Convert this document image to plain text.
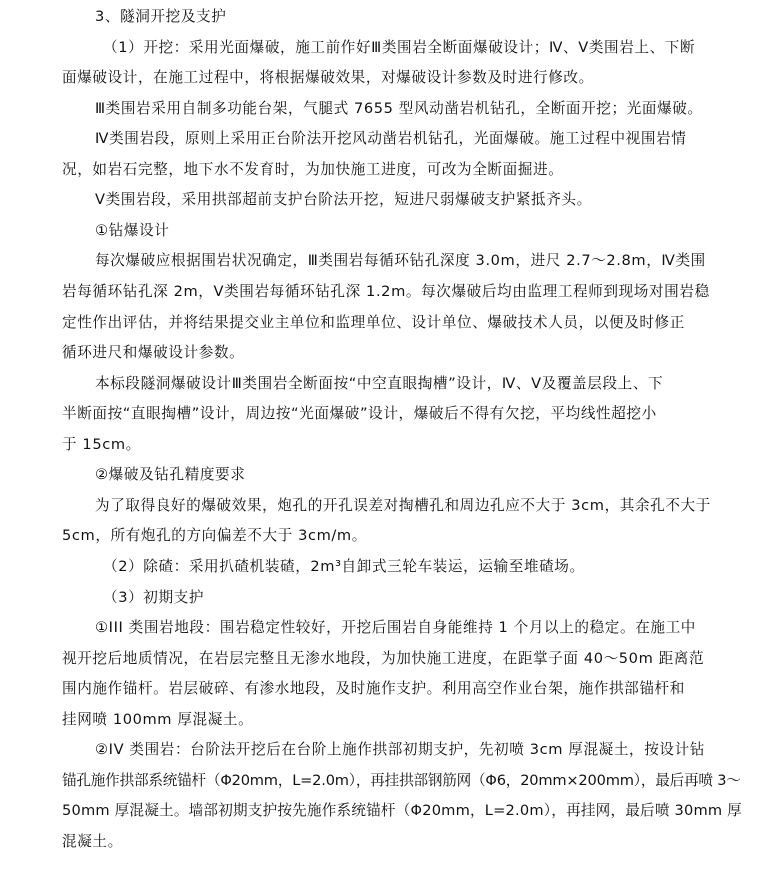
3、隧洞开挖及支护
（1）开挖：采用光面爆破，施工前作好Ⅲ类围岩全断面爆破设计；Ⅳ、Ⅴ类围岩上、下断
面爆破设计，在施工过程中，将根据爆破效果，对爆破设计参数及时进行修改。
Ⅲ类围岩采用自制多功能台架，气腿式 7655 型风动凿岩机钻孔，全断面开挖；光面爆破。
Ⅳ类围岩段，原则上采用正台阶法开挖风动凿岩机钻孔，光面爆破。施工过程中视围岩情
况，如岩石完整，地下水不发育时，为加快施工进度，可改为全断面掘进。
Ⅴ类围岩段，采用拱部超前支护台阶法开挖，短进尺弱爆破支护紧抵齐头。
①钻爆设计
每次爆破应根据围岩状况确定，Ⅲ类围岩每循环钻孔深度 3.0m，进尺 2.7～2.8m，Ⅳ类围
岩每循环钻孔深 2m，Ⅴ类围岩每循环钻孔深 1.2m。每次爆破后均由监理工程师到现场对围岩稳
定性作出评估，并将结果提交业主单位和监理单位、设计单位、爆破技术人员，以便及时修正
循环进尺和爆破设计参数。
本标段隧洞爆破设计Ⅲ类围岩全断面按“中空直眼掏槽”设计，Ⅳ、Ⅴ及覆盖层段上、下
半断面按“直眼掏槽”设计，周边按“光面爆破”设计，爆破后不得有欠挖，平均线性超挖小
于 15cm。
②爆破及钻孔精度要求
为了取得良好的爆破效果，炮孔的开孔误差对掏槽孔和周边孔应不大于 3cm，其余孔不大于
5cm，所有炮孔的方向偏差不大于 3cm/m。
（2）除碴：采用扒碴机装碴，2m³自卸式三轮车装运，运输至堆碴场。
（3）初期支护
①III 类围岩地段：围岩稳定性较好，开挖后围岩自身能维持 1 个月以上的稳定。在施工中
视开挖后地质情况，在岩层完整且无渗水地段，为加快施工进度，在距掌子面 40～50m 距离范
围内施作锚杆。岩层破碎、有渗水地段，及时施作支护。利用高空作业台架，施作拱部锚杆和
挂网喷 100mm 厚混凝土。
②IV 类围岩：台阶法开挖后在台阶上施作拱部初期支护，先初喷 3cm 厚混凝土，按设计钻
锚孔施作拱部系统锚杆（Φ20mm，L=2.0m），再挂拱部钢筋网（Φ6，20mm×200mm），最后再喷 3～
50mm 厚混凝土。墙部初期支护按先施作系统锚杆（Φ20mm，L=2.0m），再挂网，最后喷 30mm 厚
混凝土。
